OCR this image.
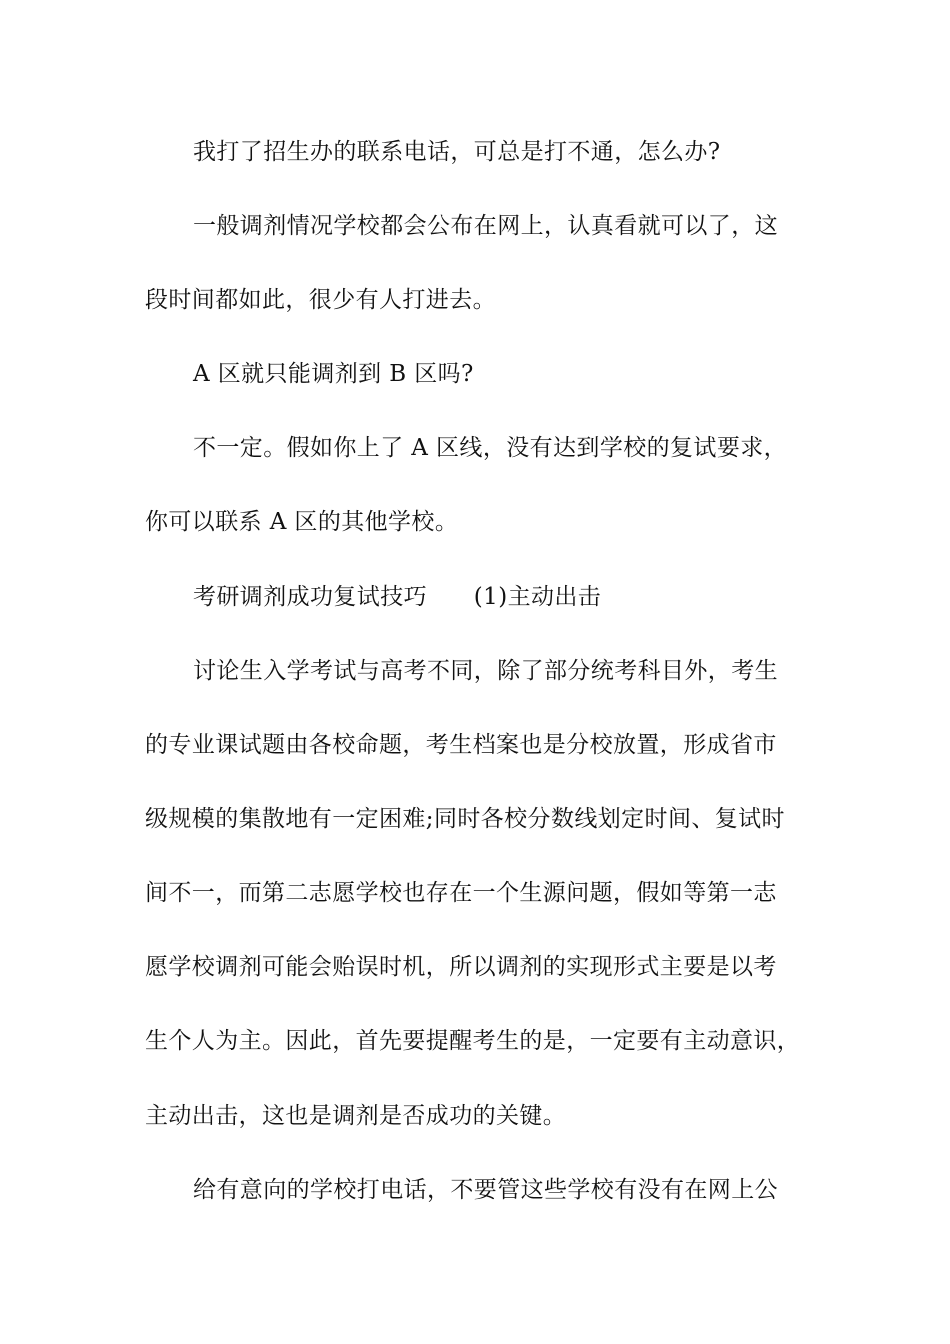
我打了招生办的联系电话，可总是打不通，怎么办?
一般调剂情况学校都会公布在网上，认真看就可以了，这
段时间都如此，很少有人打进去。
A 区就只能调剂到 B 区吗?
不一定。假如你上了 A 区线，没有达到学校的复试要求，
你可以联系 A 区的其他学校。
考研调剂成功复试技巧　　(1)主动出击
讨论生入学考试与高考不同，除了部分统考科目外，考生
的专业课试题由各校命题，考生档案也是分校放置，形成省市
级规模的集散地有一定困难;同时各校分数线划定时间、复试时
间不一，而第二志愿学校也存在一个生源问题，假如等第一志
愿学校调剂可能会贻误时机，所以调剂的实现形式主要是以考
生个人为主。因此，首先要提醒考生的是，一定要有主动意识，
主动出击，这也是调剂是否成功的关键。
给有意向的学校打电话，不要管这些学校有没有在网上公
